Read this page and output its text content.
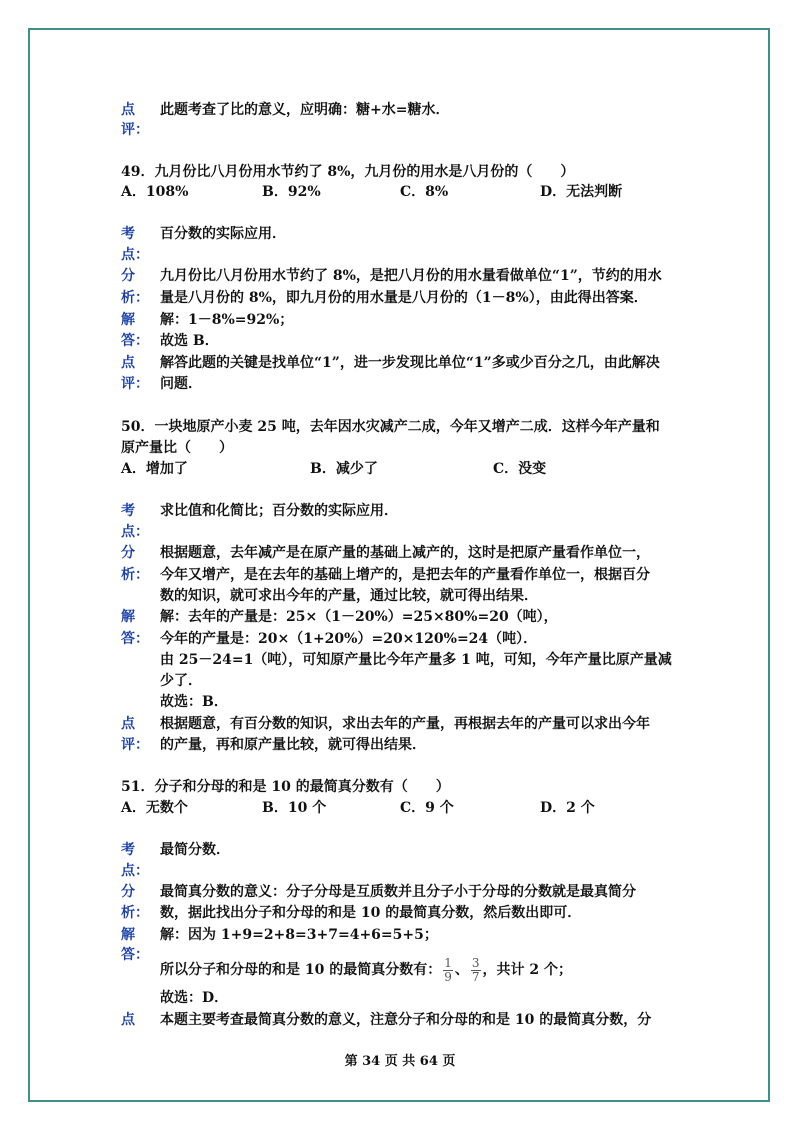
点 此题考查了比的意义，应明确：糖+水=糖水．
评：
49．九月份比八月份用水节约了 8%，九月份的用水是八月份的（　　）
A．108%	B．92%	C．8%	D．无法判断
考 百分数的实际应用．
点：
分 九月份比八月份用水节约了 8%，是把八月份的用水量看做单位“1”，节约的用水
析： 量是八月份的 8%，即九月份的用水量是八月份的（1－8%），由此得出答案．
解 解：1－8%=92%；
答： 故选 B．
点 解答此题的关键是找单位“1”，进一步发现比单位“1”多或少百分之几，由此解决
评： 问题．
50．一块地原产小麦 25 吨，去年因水灾减产二成，今年又增产二成．这样今年产量和
原产量比（　　）
A．增加了	B．减少了	C．没变
考 求比值和化简比；百分数的实际应用．
点：
分 根据题意，去年减产是在原产量的基础上减产的，这时是把原产量看作单位一，
析： 今年又增产，是在去年的基础上增产的，是把去年的产量看作单位一，根据百分
数的知识，就可求出今年的产量，通过比较，就可得出结果．
解 解：去年的产量是：25×（1－20%）=25×80%=20（吨），
答： 今年的产量是：20×（1+20%）=20×120%=24（吨）．
由 25－24=1（吨），可知原产量比今年产量多 1 吨，可知，今年产量比原产量减
少了．
故选：B．
点 根据题意，有百分数的知识，求出去年的产量，再根据去年的产量可以求出今年
评： 的产量，再和原产量比较，就可得出结果．
51．分子和分母的和是 10 的最简真分数有（　　）
A．无数个	B．10 个	C．9 个	D．2 个
考 最简分数．
点：
分 最简真分数的意义：分子分母是互质数并且分子小于分母的分数就是最真简分
析： 数，据此找出分子和分母的和是 10 的最简真分数，然后数出即可．
解 解：因为 1+9=2+8=3+7=4+6=5+5；
答：
所以分子和分母的和是 10 的最简真分数有： $\frac{1}{9}$ 、 $\frac{3}{7}$ ，共计 2 个；
故选：D．
点 本题主要考查最简真分数的意义，注意分子和分母的和是 10 的最简真分数，分
第 34 页 共 64 页
